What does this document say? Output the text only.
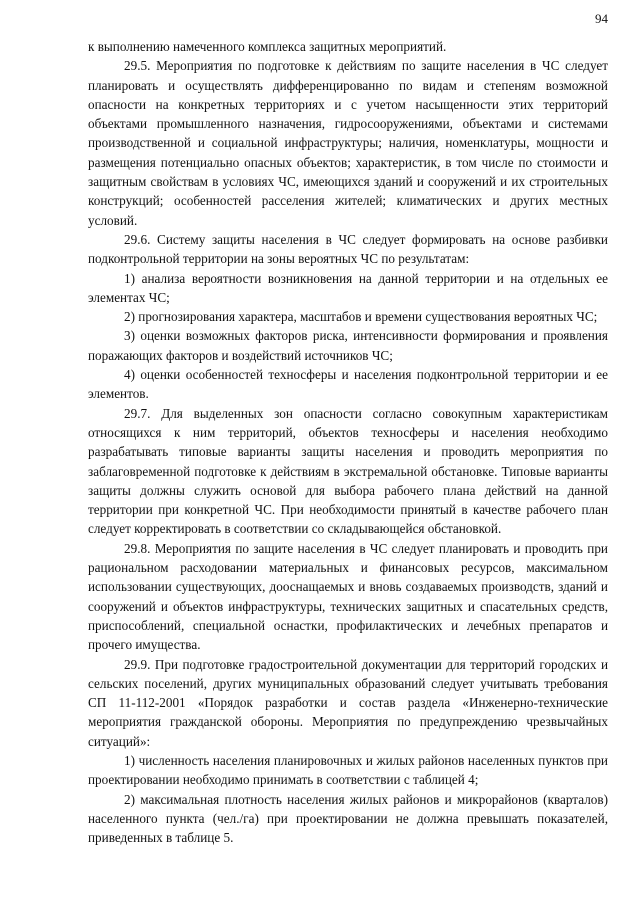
94

к выполнению намеченного комплекса защитных мероприятий.

29.5. Мероприятия по подготовке к действиям по защите населения в ЧС следует планировать и осуществлять дифференцированно по видам и степеням возможной опасности на конкретных территориях и с учетом насыщенности этих территорий объектами промышленного назначения, гидросооружениями, объектами и системами производственной и социальной инфраструктуры; наличия, номенклатуры, мощности и размещения потенциально опасных объектов; характеристик, в том числе по стоимости и защитным свойствам в условиях ЧС, имеющихся зданий и сооружений и их строительных конструкций; особенностей расселения жителей; климатических и других местных условий.

29.6. Систему защиты населения в ЧС следует формировать на основе разбивки подконтрольной территории на зоны вероятных ЧС по результатам:

1) анализа вероятности возникновения на данной территории и на отдельных ее элементах ЧС;

2) прогнозирования характера, масштабов и времени существования вероятных ЧС;

3) оценки возможных факторов риска, интенсивности формирования и проявления поражающих факторов и воздействий источников ЧС;

4) оценки особенностей техносферы и населения подконтрольной территории и ее элементов.

29.7. Для выделенных зон опасности согласно совокупным характеристикам относящихся к ним территорий, объектов техносферы и населения необходимо разрабатывать типовые варианты защиты населения и проводить мероприятия по заблаговременной подготовке к действиям в экстремальной обстановке. Типовые варианты защиты должны служить основой для выбора рабочего плана действий на данной территории при конкретной ЧС. При необходимости принятый в качестве рабочего план следует корректировать в соответствии со складывающейся обстановкой.

29.8. Мероприятия по защите населения в ЧС следует планировать и проводить при рациональном расходовании материальных и финансовых ресурсов, максимальном использовании существующих, дооснащаемых и вновь создаваемых производств, зданий и сооружений и объектов инфраструктуры, технических защитных и спасательных средств, приспособлений, специальной оснастки, профилактических и лечебных препаратов и прочего имущества.

29.9. При подготовке градостроительной документации для территорий городских и сельских поселений, других муниципальных образований следует учитывать требования СП 11-112-2001 «Порядок разработки и состав раздела «Инженерно-технические мероприятия гражданской обороны. Мероприятия по предупреждению чрезвычайных ситуаций»:

1) численность населения планировочных и жилых районов населенных пунктов при проектировании необходимо принимать в соответствии с таблицей 4;

2) максимальная плотность населения жилых районов и микрорайонов (кварталов) населенного пункта (чел./га) при проектировании не должна превышать показателей, приведенных в таблице 5.
